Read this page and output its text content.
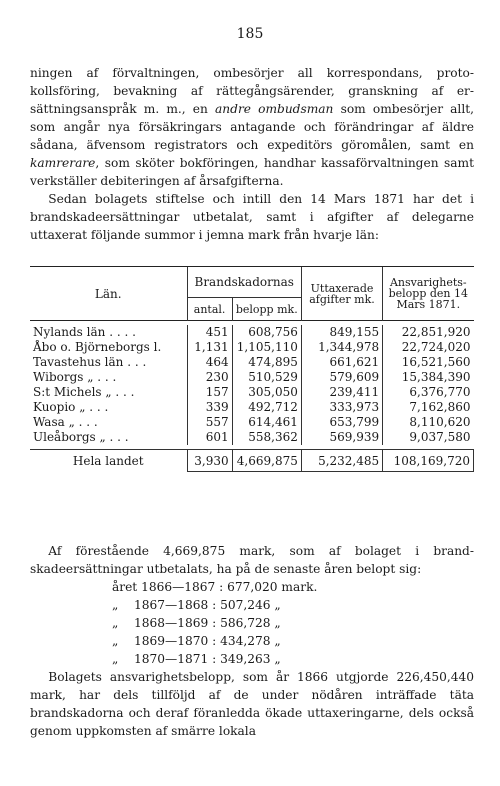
185

ningen af förvaltningen, ombesörjer all korrespondans, protokollsföring, bevakning af rättegångsärender, granskning af ersättningsanspråk m. m., en andre ombudsman som ombesörjer allt, som angår nya försäkringars antagande och förändringar af äldre sådana, äfvensom registrators och expeditörs göromålen, samt en kamrerare, som sköter bokföringen, handhar kassaförvaltningen samt verkställer debiteringen af årsafgifterna.

Sedan bolagets stiftelse och intill den 14 Mars 1871 har det i brandskadeersättningar utbetalat, samt i afgifter af delegarne uttaxerat följande summor i jemna mark från hvarje län:

Län.	Brandskadornas		Uttaxerade afgifter mk.	Ansvarighetsbelopp den 14 Mars 1871.
	antal.	belopp mk.		

Nylands län . . . .	451	608,756	849,155	22,851,920
Åbo o. Björneborgs l.	1,131	1,105,110	1,344,978	22,724,020
Tavastehus län . . .	464	474,895	661,621	16,521,560
Wiborgs „ . . .	230	510,529	579,609	15,384,390
S:t Michels „ . . .	157	305,050	239,411	6,376,770
Kuopio „ . . .	339	492,712	333,973	7,162,860
Wasa „ . . .	557	614,461	653,799	8,110,620
Uleåborgs „ . . .	601	558,362	569,939	9,037,580

Hela landet	3,930	4,669,875	5,232,485	108,169,720

Af förestående 4,669,875 mark, som af bolaget i brandskadeersättningar utbetalats, ha på de senaste åren belopt sig:

året 1866—1867 : 677,020 mark.
„ 1867—1868 : 507,246 „
„ 1868—1869 : 586,728 „
„ 1869—1870 : 434,278 „
„ 1870—1871 : 349,263 „

Bolagets ansvarighetsbelopp, som år 1866 utgjorde 226,450,440 mark, har dels tillföljd af de under nödåren inträffade täta brandskadorna och deraf föranledda ökade uttaxeringarne, dels också genom uppkomsten af smärre lokala
